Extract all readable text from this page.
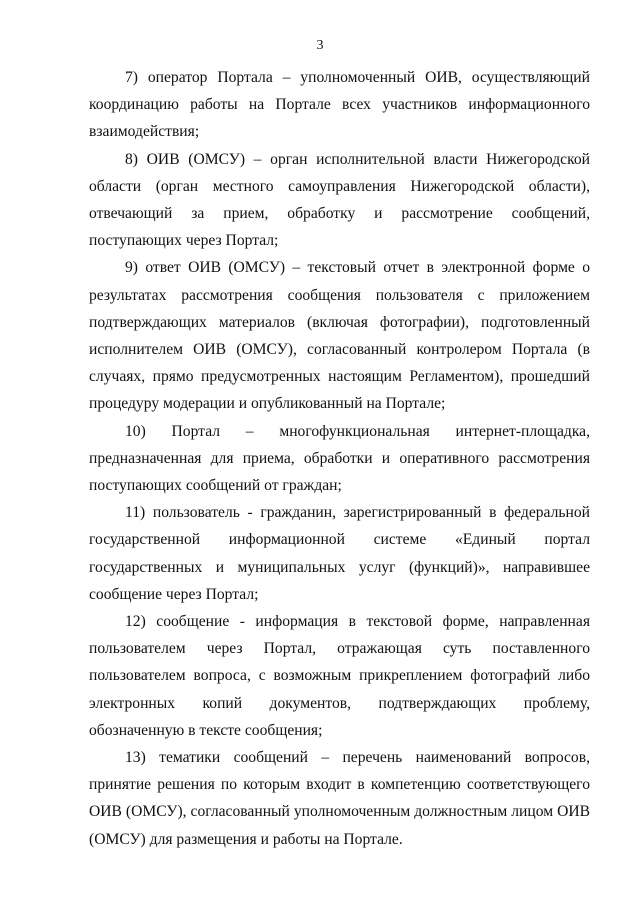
3

7) оператор Портала – уполномоченный ОИВ, осуществляющий координацию работы на Портале всех участников информационного взаимодействия;

8) ОИВ (ОМСУ) – орган исполнительной власти Нижегородской области (орган местного самоуправления Нижегородской области), отвечающий за прием, обработку и рассмотрение сообщений, поступающих через Портал;

9) ответ ОИВ (ОМСУ) – текстовый отчет в электронной форме о результатах рассмотрения сообщения пользователя с приложением подтверждающих материалов (включая фотографии), подготовленный исполнителем ОИВ (ОМСУ), согласованный контролером Портала (в случаях, прямо предусмотренных настоящим Регламентом), прошедший процедуру модерации и опубликованный на Портале;

10) Портал – многофункциональная интернет-площадка, предназначенная для приема, обработки и оперативного рассмотрения поступающих сообщений от граждан;

11) пользователь - гражданин, зарегистрированный в федеральной государственной информационной системе «Единый портал государственных и муниципальных услуг (функций)», направившее сообщение через Портал;

12) сообщение - информация в текстовой форме, направленная пользователем через Портал, отражающая суть поставленного пользователем вопроса, с возможным прикреплением фотографий либо электронных копий документов, подтверждающих проблему, обозначенную в тексте сообщения;

13) тематики сообщений – перечень наименований вопросов, принятие решения по которым входит в компетенцию соответствующего ОИВ (ОМСУ), согласованный уполномоченным должностным лицом ОИВ (ОМСУ) для размещения и работы на Портале.
